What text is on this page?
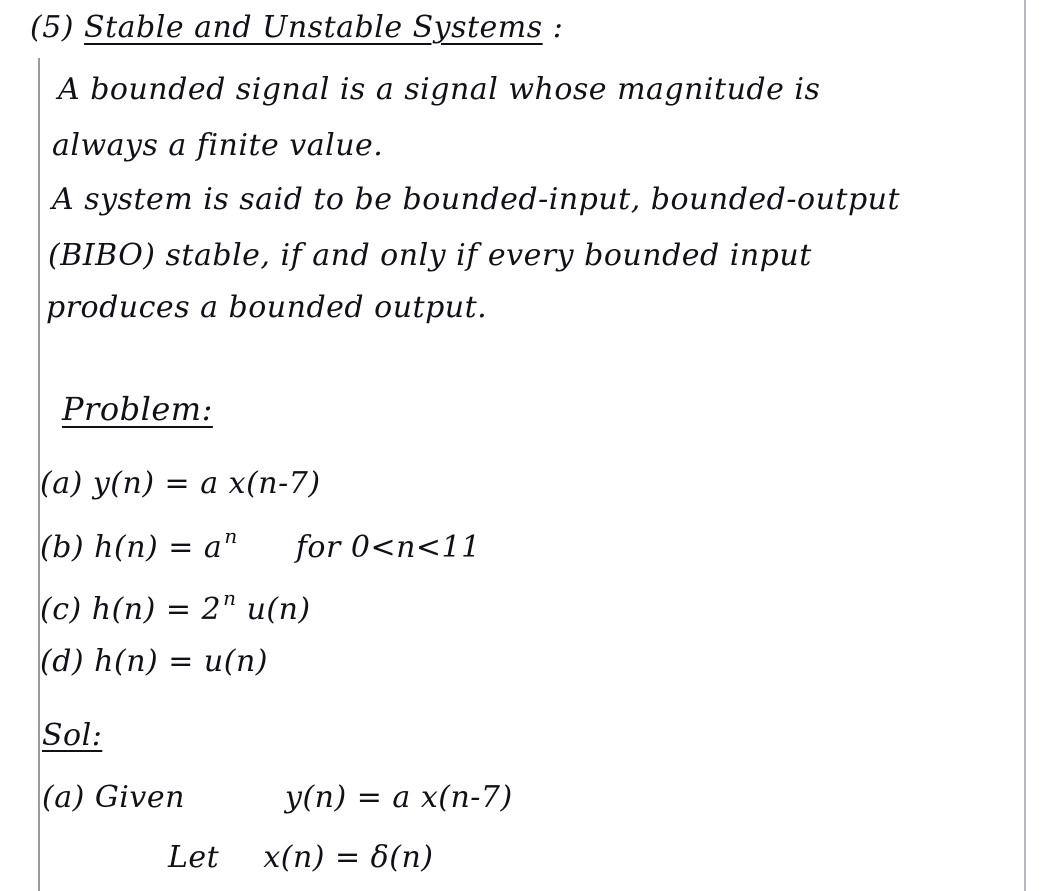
(5) Stable and Unstable Systems :
A bounded signal is a signal whose magnitude is
always a finite value.
A system is said to be bounded-input, bounded-output
(BIBO) stable, if and only if every bounded input
produces a bounded output.
Problem:
(a) y(n) = a x(n-7)
(b) h(n) = a $^n$ for 0<n<11
(c) h(n) = 2 $^n$ u(n)
(d) h(n) = u(n)
Sol:
(a) Given	y(n) = a x(n-7)
Let x(n) = δ(n)
